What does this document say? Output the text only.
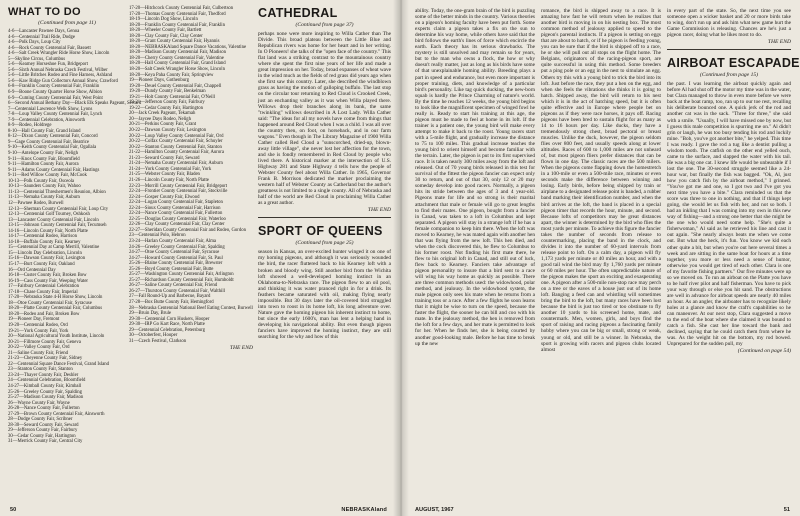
WHAT TO DO
(Continued from page 11)
4-6—Lancaster Pawnee Days, Genoa
4-6—Centennial Trail Ride, Dodge
4-6—Polk Days, Loup City
4-6—Rock County Centennial Fair, Bassett
4-6—Salt Creek Wrangler Ride Horse Show, Lincoln
5—Skyline Circus, Columbus
5-6—Kearney Horseshoe Fun, Bridgeport
5-6—Sixth Annual Nebraska Czech Festival, Wilber
5-6—Little Britches Rodeo and Fine Harness, Ashland
5-6—Kaw Ridge Gun Collectors Annual Show, Crawford
6-8—Franklin County Centennial Fair, Franklin
6-9—Boone County Quarter Horse Show, Albion
6-9—Cuming County Centennial Fair, West Point
6—Second Annual Bethany Day—Black Elk Speaks Pageant, Seward
7—Centennial Lawrence Welk Show, Lyons
7-8—Loup Valley County Centennial Fair, Lynch
7-9—Centennial Celebration, Ainsworth
8-9—Rodeo, Holdrege
8-10—Hall County Fair, Grand Island
8-12—Dixon County Centennial Fair, Concord
9—Gage County Centennial Fair, Beatrice
9-10—Keith County Centennial Fair, Ogallala
9-10—Antelope County Fair, Neligh
9-11—Knox County Fair, Bloomfield
9-11—Hamilton County Fair, Aurora
9-11—Adams County Centennial Fair, Hastings
9-11—Red Willow County Fair, McCook
10-13—Polk County Fair, Osceola
10-13—Saunders County Fair, Wahoo
11-13—Centennial Threshermen's Reunion, Albion
11-13—Nemaha County Fair, Auburn
12—Pawnee Rodeo, Burwell
12-13—Sherman County Centennial Fair, Loup City
12-13—Centennial Golf Tourney, Oshkosh
13—Lancaster County Centennial Fair, Lincoln
13-15—Johnson County Centennial Fair, Tecumseh
14-16—Lincoln County Fair, North Platte
14-17—Centennial Rodeo, Harrison
14-18—Buffalo County Fair, Kearney
15—Centennial Day at Camp Merrill, Valentine
15—Lincoln Day Celebration, Lincoln
15-16—Dawson County Fair, Lexington
15-17—Burt County Fair, Oakland
16—Ord Centennial Day
16-18—Custer County Fair, Broken Bow
16-19—Cass County Fair, Weeping Water
17—Fairbury Centennial Celebration
17-18—Chase County Fair, Imperial
17-20—Nebraska State 4-H Horse Show, Lincoln
18—Otoe County Centennial Fair, Syracuse
18-20—Platte County Centennial Fair, Columbus
18-20—Rodeo and Fair, Broken Bow
19—Pioneer Day, Fremont
19-20—Centennial Rodeo, Ord
19-21—York County Fair, York
20—National Agricultural Youth Institute, Lincoln
20-21—Fillmore County Fair, Geneva
20-22—Valley County Fair, Ord
21—Saline County Fair, Friend
21-23—Cheyenne County Fair, Sidney
22—Centennial Square Dance Festival, Grand Island
23—Stanton County Fair, Stanton
23-24—Thayer County Fair, Deshler
24—Centennial Celebration, Bloomfield
24-27—Kimball County Fair, Kimball
25-26—Greeley County Fair, Spalding
25-27—Madison County Fair, Madison
26—Wayne County Fair, Wayne
26-28—Nance County Fair, Fullerton
27-29—Brown County Centennial Fair, Ainsworth
28—Dodge County Fair, Scribner
28-30—Seward County Fair, Seward
29—Jefferson County Fair, Fairbury
30—Cedar County Fair, Hartington
31—Merrick County Fair, Central City
17-20—Hitchcock County Centennial Fair, Culbertson
17-20—Thomas County Centennial Fair, Thedford
18-19—Lincoln Dog Show, Lincoln
18-20—Franklin County Centennial Fair, Franklin
18-20—Wheeler County Fair, Bartlett
18-20—Clay County Fair, Clay Center
18-20—Grant County Centennial Fair, Hyannis
18-20—NEBRASKAland Square Dance Vacations, Valentine
18-20—Madison County Centennial Fair, Madison
18-20—Cherry County Centennial Fair, Valentine
18-20—Hall County Centennial Fair, Grand Island
18-20—Salt Creek Wrangler Horse Show, Lincoln
18-20—Keya Paha County Fair, Springview
19—Pioneer Days, Gothenburg
19-20—Deuel County Centennial Fair, Chappell
19-20—Dundy County Fair, Benkelman
19-21—Holt County Centennial Fair, O'Neill
19-21—Jefferson County Fair, Fairbury
19-22—Cedar County Fair, Hartington
20—Jack Creek Pageant, Tekamah
20—Jaycee Days Rodeo, Neligh
20-21—Perkins County Fair, Grant
20-22—Dawson County Fair, Lexington
20-22—Loup Valley County Centennial Fair, Ord
20-22—Colfax County Centennial Fair, Schuyler
20-22—Stanton County Centennial Fair, Stanton
21-22—Hamilton County Centennial Fair, Aurora
21-23—Seward County Fair, Seward
21-24—Nemaha County Centennial Fair, Auburn
21-24—York County Centennial Fair, York
21-25—Webster County Fair, Bladen
21-26—Lincoln County Fair, North Platte
22-23—Morrill County Centennial Fair, Bridgeport
22-24—Frontier County Centennial Fair, Stockville
22-24—Gosper County Fair, Elwood
22-24—Logan County Centennial Fair, Stapleton
22-24—Sioux County Centennial Fair, Harrison
22-24—Nance County Centennial Fair, Fullerton
22-25—Douglas County Centennial Fair, Waterloo
22-26—Clay County Centennial Fair, Clay Center
22-27—Sheridan County Centennial Fair and Rodeo, Gordon
23—Centennial Polo, Hebron
23-24—Harlan County Centennial Fair, Alma
24-26—Greeley County Centennial Fair, Spalding
24-27—Otoe County Centennial Fair, Syracuse
24-27—Howard County Centennial Fair, St. Paul
25-26—Blaine County Centennial Fair, Brewster
25-26—Boyd County Centennial Fair, Butte
25-27—Washington County Centennial Fair, Arlington
25-27—Richardson County Centennial Fair, Humboldt
26-27—Saline County Centennial Fair, Friend
26-27—Thurston County Centennial Fair, Walthill
27—Fall Round-Up and Barbecue, Bayard
27-28—Box Butte County Fair, Hemingford
28—Nebraska Centennial National Beef Eating Contest, Burwell
29—Bruin Day, Brule
29-30—Centennial Corn Huskers, Hooper
29-30—IRP Go Kart Race, North Platte
29—Centennial Celebration, Petersburg
30—Octoberfest, Hooper
31—Czech Festival, Clarkson
THE END
CATHEDRAL
(Continued from page 37)

perhaps none were more inspiring to Willa Cather than The Divide. This broad plateau between the Little Blue and Republican rivers was home for her heart and in her writing. In O Pioneers! she talks of the "open face of the country." This flat land was a striking contrast to the mountainous country where she spent the first nine years of her life and made a great impression on her. Today, broad expanses of wheat wave in the wind much as the fields of red grass did years ago when she first saw this country. Later, she described the windblown grass as having the motion of galloping buffalo. The last stop on the circular tour returning to Red Cloud is Crooked Creek, just an enchanting valley as it was when Willa played there. Willows drop their branches along its bank, the same "twinkling" willows described in A Lost Lady. Willa Cather said: "The ideas for all my novels have come from things that happened around Red Cloud when I was a child. I was all over the country then, on foot, on horseback, and in our farm wagons." Even though in The Library Magazine of 1900 Willa Cather called Red Cloud a "sunscorched, dried-up, blown-away little village", she never lost her affection for the town, and she is fondly remembered in Red Cloud by people who lived there. A historical marker at the intersection of U.S. Highway 281 and State Highway 4 tells how the people of Webster County feel about Willa Cather. In 1965, Governor Frank B. Morrison dedicated the marker proclaiming the western half of Webster County as Catherland but the author's greatness is not limited to a single county. All of Nebraska and half of the world are Red Cloud in proclaiming Willa Cather as a great author.

THE END
SPORT OF QUEENS
(Continued from page 25)

season in Kansas, an over-excited hunter winged it on one of my homing pigeons, and although it was seriously wounded the bird, the racer fluttered back to his Kearney loft with a broken and bloody wing. Still another bird from the Wichita loft showed a well-developed homing instinct in an Oklahoma-to-Nebraska race. The pigeon flew to an oil pool, and thinking it was water pranced right in for a drink. Its feathers became saturated with oil, making flying nearly impossible. But 30 days later the oil-covered bird struggled into town to roost in its home loft, his long adventure over. Nature gave the homing pigeon his inherent instinct to home, but since the early 1600's, man has lent a helping hand in developing his navigational ability. But even though pigeon fanciers have improved the homing instinct, they are still searching for the why and how of this

50	NEBRASKAland

ability. Today, the one-gram brain of the bird is puzzling some of the better minds in the country. Various theories on a pigeon's homing faculty have been put forth. Some experts claim a pigeon takes a fix on the sun to determine his way home, while others have said that the bird follows the earth's lines of force which encircle the earth. Each theory has its serious drawbacks. The mystery is still unsolved and may remain so for years, but to the man who owns a flock, the how or why doesn't really matter, just as long as his birds have some of that unexplainable homing ability. Breeding plays a part in speed and endurance, but even more important is proper training, diets, and knowledge of a particular bird's personality. Like tag quick ducking, the new-born squab is hardly the Prince Charming of nature's world. By the time he reaches 12 weeks, the young bird begins to look like the magnificent specimen of winged fowl he really is. Ready to start his training at this age, the pigeon must be made to feel at home in its loft. If the trainer is a patient one, the young bird will make every attempt to make it back to the roost. Young racers start with a 5-mile flight, and gradually increase the distance to 75 to 100 miles. This gradual increase teaches the young bird to orient himself and become familiar with the terrain. Later, the pigeon is put to its first supervised race. It is taken nearly 300 miles away from the loft and released. Out of 70 young birds released in this test for survival of the fittest the pigeon fancier can expect only 30 to return, and out of that 30, only 12 or 20 may someday develop into good racers. Normally, a pigeon hits its stride between the ages of 3 and 4 year-old. Pigeons mate for life and so strong is their marital attachment that male or female will go to great lengths to find their mates. One pigeon, bought from a fancier in Canad, was taken to a loft in Columbus and kept separated. A pigeon will stay in a strange loft if he has a female companion to keep him there. When the loft was moved to Kearney, he was mated again with another hen that was flying from the new loft. This hen died, and when the cock discovered this, he flew to Columbus to his former roost. Not finding his first mate there, he flew to his original loft in Canad, and still out of luck, flew back to Kearney. Fanciers take advantage of pigeon personality to insure that a bird sent to a race will wing his way home as quickly as possible. There are three common methods used: the widowhood, polar method, and jealousy. In the widowhood system, the male pigeon only sees his mate when he returns from a training toss or a race. After a few flights he soon learns that it might be wise to turn on the speed, because the faster the flight, the sooner he can bill and coo with his mate. In the jealousy method, the hen is removed from the loft for a few days, and her mate is permitted to look for her. When he finds her, she is being courted by another good-looking male. Before he has time to break up the new

romance, the bird is shipped away to a race. It is amazing how fast he will return when he realizes that another bird is moving in on his nesting box. The most common method of jealousy applied to speed to the pigeon's parental instincts. If a pigeon is setting on eggs that are about to hatch, or if he pigeon is feeding young, you can be sure that if the bird is shipped off to a race, he or she will pull out all stops on the flight home. The Belgians, originators of the racing-pigeon sport, are quite successful in using this method. Some breeders put a ping pole or an egg in the nest to simulate an egg. Others try this with a young bird to trick the bird into its loft. Just before the race, they put a hen on the egg, and when she feels the vibrations she thinks it is going to hatch. Shipped away, the bird will return to his nest which it is in the act of hatching speed, but it is often quite effective and in Europe where people bet on pigeons as if they were race horses, it pays off. Racing pigeons have been bred to sustain flight for as many as 14 to 16 hours per day. Like ducks, they have a tremendously strong chest, broad pectoral or breast muscles. Unlike the duck, however, the pigeon seldom flies over 800 feet, and usually speeds along at lower altitudes. Races of 600 to 1,000 miles are not unheard of, but most pigeon fliers prefer distances that can be flown in one day. The classic races are the 500 milers. When the pigeons come flapping down the homestretch in a 100-mile or even a 500-mile race, minutes or even seconds make the difference between winning and losing. Early birds, before being shipped by train or airplane to a designated release point is banded, a rubber band marking their identification number, and when the bird arrives at the loft, the band is placed in a special pigeon timer that records the hour, minute, and second. Because lofts of competitors may be great distances apart, the winner is determined by the bird who flies the most yards per minute. To achieve this figure the fancier takes the number of seconds from release to countermarking, placing the band in the clock, and divides it into the number of 60-yard intervals from release point to loft. On a calm day, a pigeon will fly 1,173 yards per minute or 40 miles an hour, and with a good tail wind the bird may fly 1,760 yards per minute or 60 miles per hour. The often unpredictable nature of the pigeon makes the sport an exciting and exasperating one. A pigeon after a 500-mile non-stop race may perch on a tree or the eaves of a house just out of its home loft. Banging a feed can and whistling will sometimes bring the bird to the loft, but many races have been lost because the bird is just too tired or too obstinate to fly another 10 yards to his screened home, mate, and countermark. Men, women, girls, and boys find the sport of raising and racing pigeons a fascinating family hobby where you can be big or small, strong or weak, young or old, and still be a winner. In Nebraska, the sport is growing with racers and pigeon clubs located almost

in every part of the state. So, the next time you see someone open a wicker basket and 20 or more birds take to wing, don't run up and ask him what new game hurt the Game Commission is releasing. Chances are he's just a pigeon racer, doing what he likes most to do.

THE END
AIRBOAT ESCAPADE
(Continued from page 15)

the past. I was learning the airboat quickly again and before Al had shut off the motor my time was in the water, but Clara managed to throw in even more before we were back at the boat ramp, too, ran up to our toe rest, recalling his deliberate bounced one. A quick jerk of the rod and another cat was in the sack. "Three for three," she said with a smile. "Usually, I will have missed one by now, but I guess this male competition is spurring me on." Al didn't grin or laugh, he was too busy tending his rod and luckily mine. "Bob, you've got another bite," he yelped. This time I was ready. I gave the rod a tug like a dentist pulling a wisdom tooth. The catfish on the other end yelled ouch, came to the surface, and slapped the water with his tail. He was a big one cat. I knew life would be unbearable if I lost the one. The 30-second struggle seemed like a 24-hour war, but finally the fish was bagged. "Ok, Al, just how you catch fish by the airboat method," I grinned. "You've got me and one, so I got two and I've got you next time you have a bite." Clara reminded us that the score was three to one in nothing, and that if things kept going, she would let us fish with her, and not so both. I had an inkling that I was coming into my own in this new way of fishing—and a strong one better that she might be the one who would need some help. "She's quite a fisherwoman," Al said as he retrieved his line and cast it out again. "She nearly always beats me when we come out. But what the heck, it's fun. You know we kid each other quite a bit, but when you're out here several times a week and are sitting in the same boat for hours at a time together, you more or less need a sense of humor, otherwise you would get tired of each other. Clara is one of my favorite fishing partners." Our five minutes were up so we moved on. To run an airboat on the Platte you have to be half river pilot and half fisherman. You have to pick your way through or else you hit sand. The obstructions are well in advance for airboat speeds are nearly 40 miles an hour. As an angler, the airboater has to recognize likely holes at a glance and know the craft's capabilities so he can maneuver. At our next stop, Clara suggested a move to the end of the boat where she claimed it was bound to catch a fish. She cast her line toward the bank and declined, saying that he could catch them from where he was. As the weight hit on the bottom, my rod bowed. Unprepared for the sudden pull, my

(Continued on page 54)
AUGUST, 1967	51
